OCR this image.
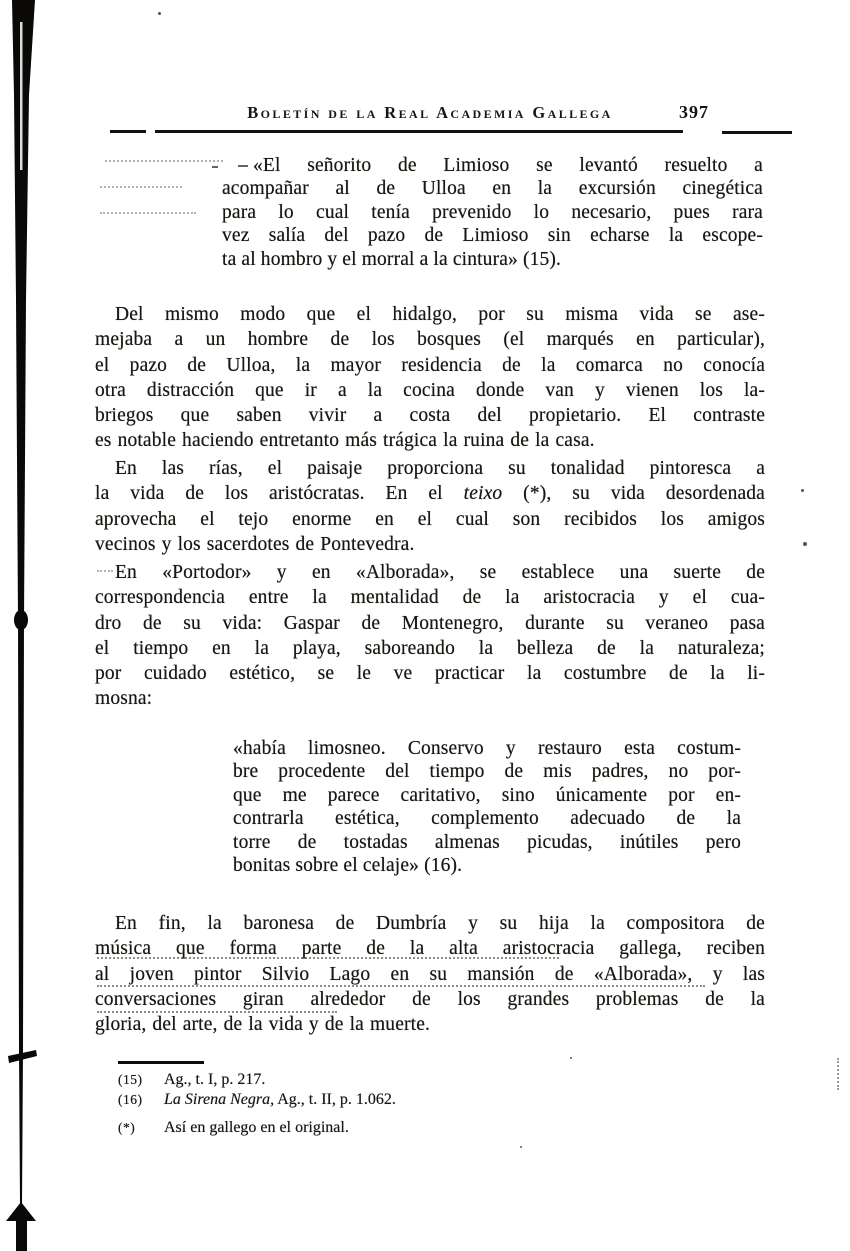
Boletín de la Real Academia Gallega	397
«El señorito de Limioso se levantó resuelto a
acompañar al de Ulloa en la excursión cinegética
para lo cual tenía prevenido lo necesario, pues rara
vez salía del pazo de Limioso sin echarse la escope-
ta al hombro y el morral a la cintura» (15).
Del mismo modo que el hidalgo, por su misma vida se ase-
mejaba a un hombre de los bosques (el marqués en particular),
el pazo de Ulloa, la mayor residencia de la comarca no conocía
otra distracción que ir a la cocina donde van y vienen los la-
briegos que saben vivir a costa del propietario. El contraste
es notable haciendo entretanto más trágica la ruina de la casa.
En las rías, el paisaje proporciona su tonalidad pintoresca a
la vida de los aristócratas. En el teixo (*), su vida desordenada
aprovecha el tejo enorme en el cual son recibidos los amigos
vecinos y los sacerdotes de Pontevedra.
En «Portodor» y en «Alborada», se establece una suerte de
correspondencia entre la mentalidad de la aristocracia y el cua-
dro de su vida: Gaspar de Montenegro, durante su veraneo pasa
el tiempo en la playa, saboreando la belleza de la naturaleza;
por cuidado estético, se le ve practicar la costumbre de la li-
mosna:
«había limosneo. Conservo y restauro esta costum-
bre procedente del tiempo de mis padres, no por-
que me parece caritativo, sino únicamente por en-
contrarla estética, complemento adecuado de la
torre de tostadas almenas picudas, inútiles pero
bonitas sobre el celaje» (16).
En fin, la baronesa de Dumbría y su hija la compositora de
música que forma parte de la alta aristocracia gallega, reciben
al joven pintor Silvio Lago en su mansión de «Alborada», y las
conversaciones giran alrededor de los grandes problemas de la
gloria, del arte, de la vida y de la muerte.
(15) Ag., t. I, p. 217.
(16) La Sirena Negra, Ag., t. II, p. 1.062.
(*) Así en gallego en el original.
